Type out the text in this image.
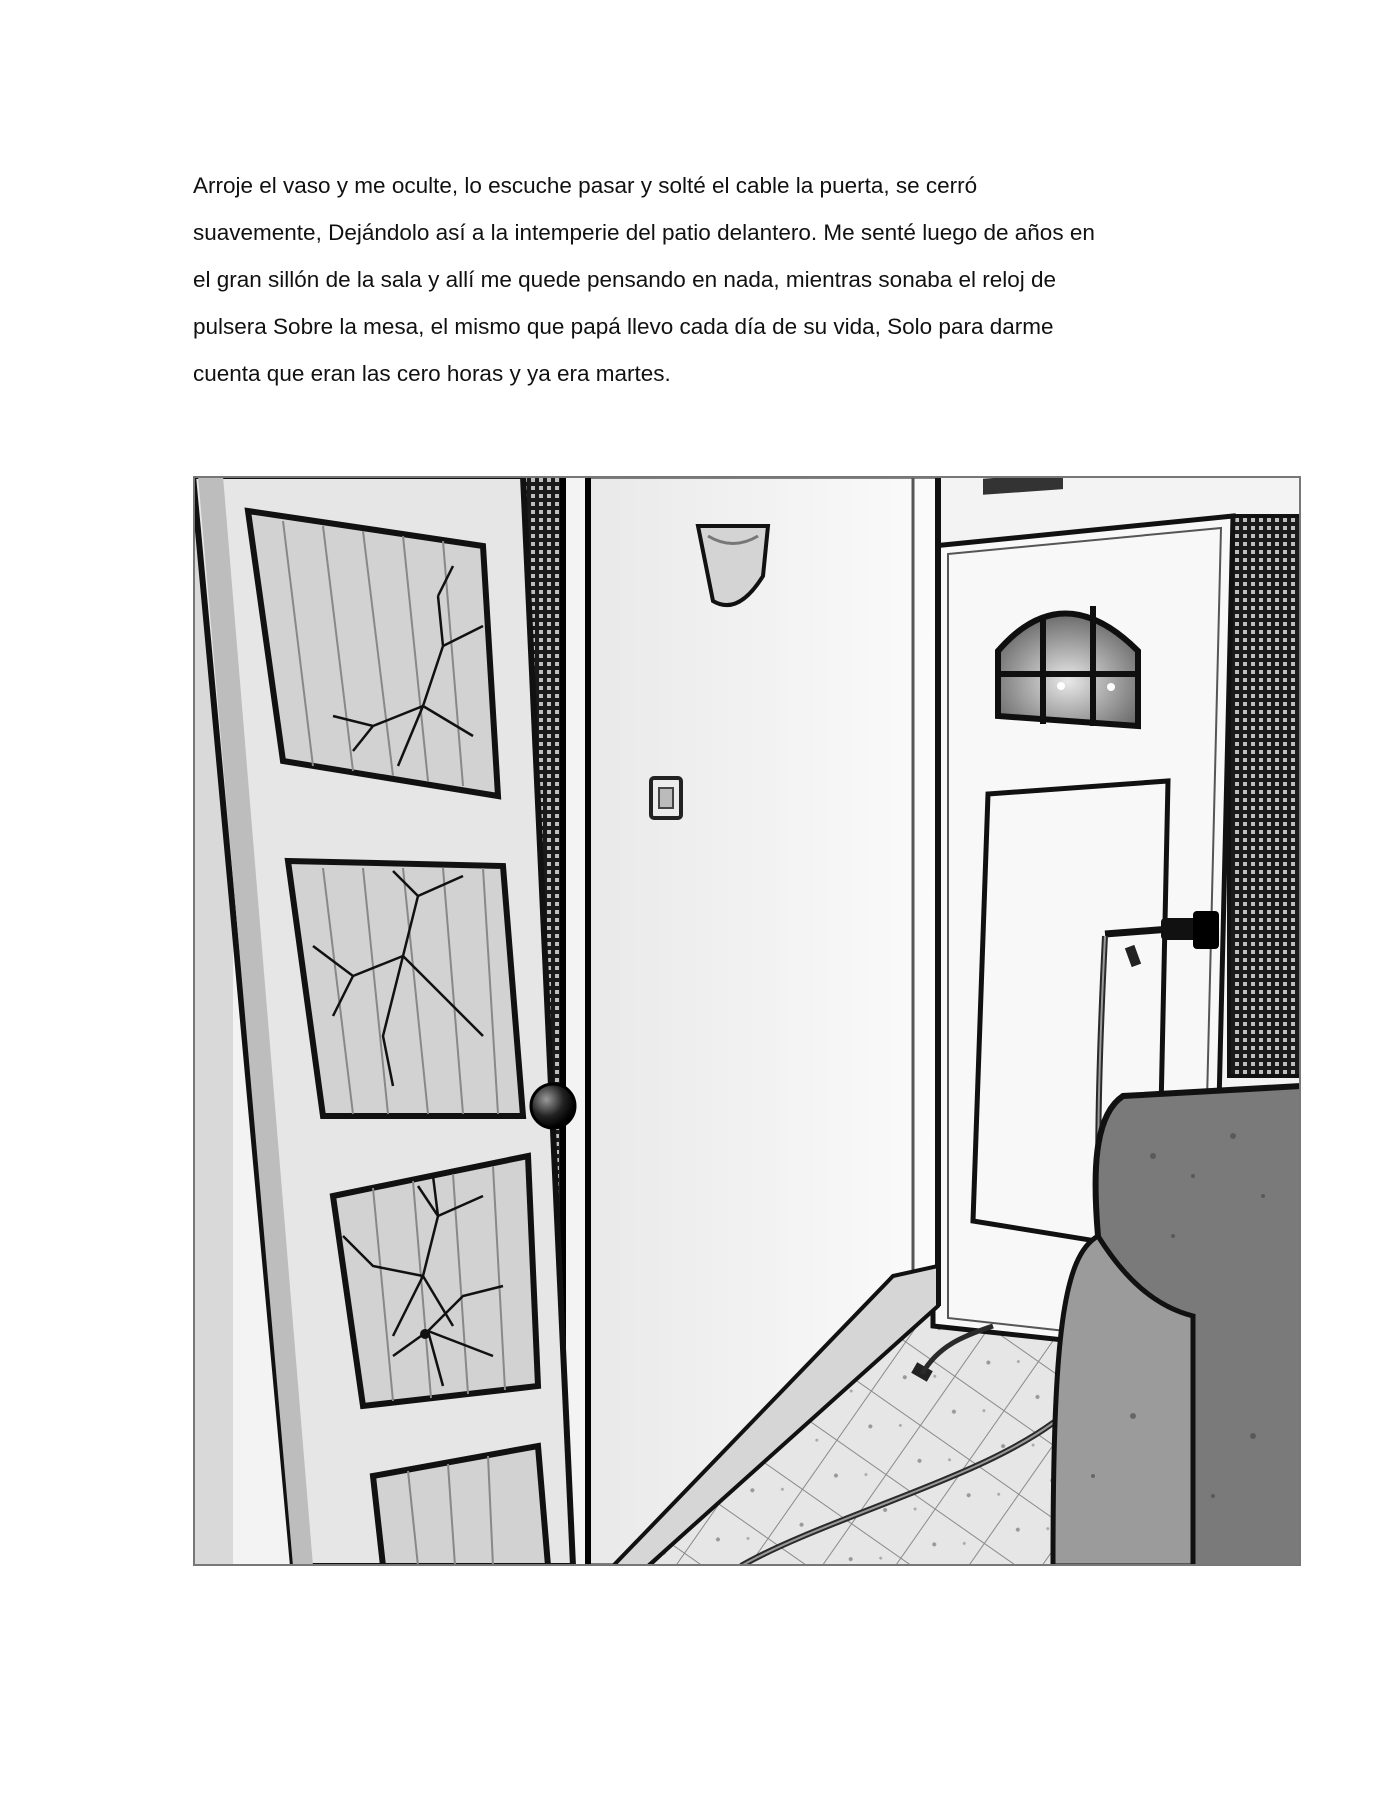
Arroje el vaso y me oculte, lo escuche pasar y solté el cable la puerta, se cerró
suavemente, Dejándolo así a la intemperie del patio delantero. Me senté luego de años en
el gran sillón de la sala y allí me quede pensando en nada, mientras sonaba el reloj de
pulsera Sobre la mesa, el mismo que papá llevo cada día de su vida, Solo para darme
cuenta que eran las cero horas y ya era martes.
